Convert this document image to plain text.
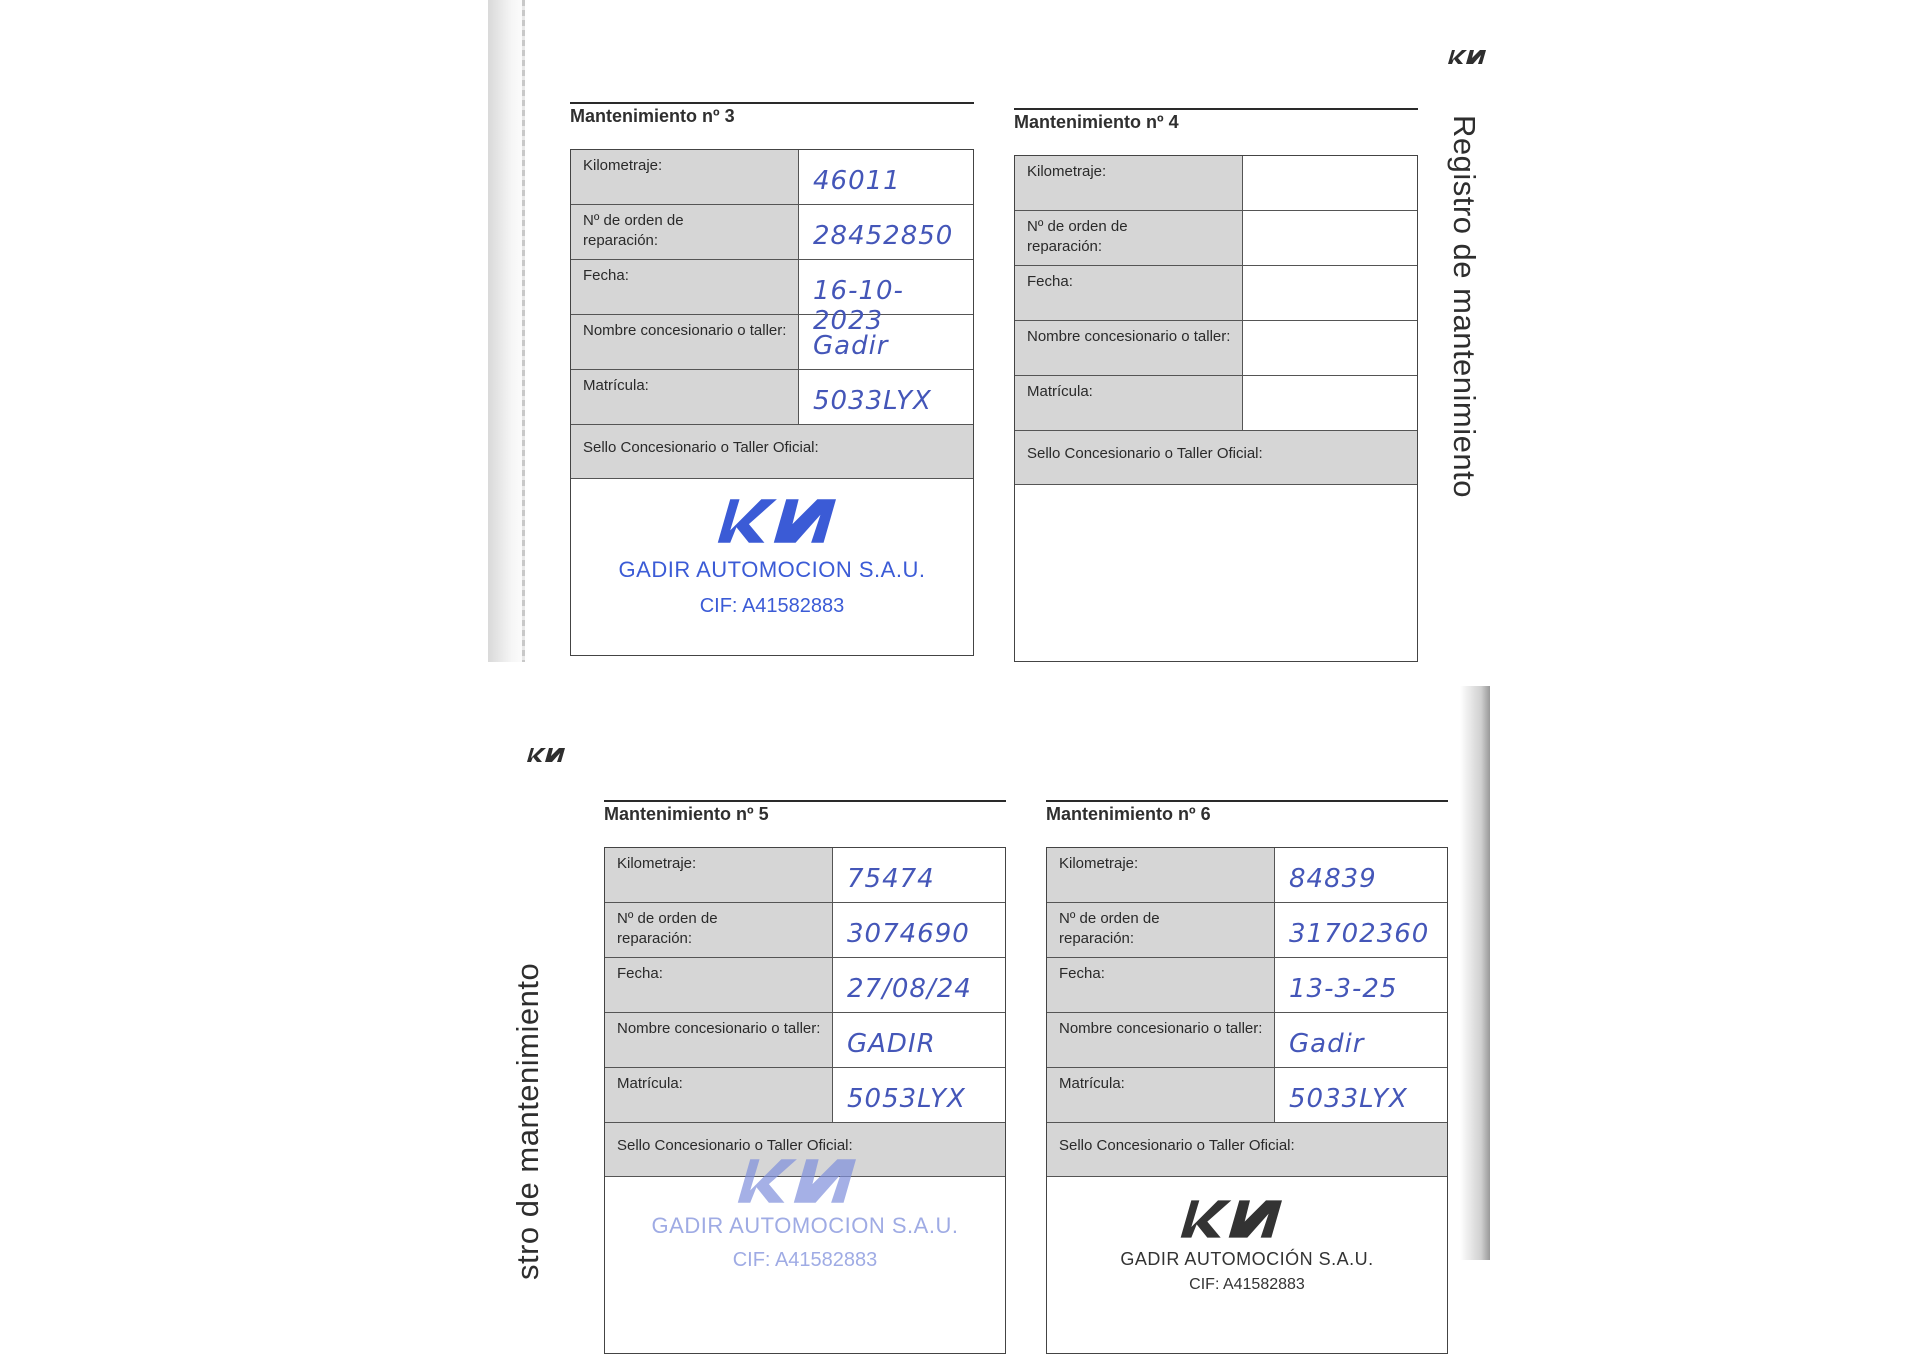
Registro de mantenimiento
Mantenimiento nº 3
Kilometraje:
46011
Nº de orden de
reparación:	28452850
Fecha:
16-10-2023
Nombre concesionario o taller:
Gadir
Matrícula:
5033LYX
Sello Concesionario o Taller Oficial:
GADIR AUTOMOCION S.A.U.
CIF: A41582883
Mantenimiento nº 4
Kilometraje:
Nº de orden de
reparación:
Fecha:
Nombre concesionario o taller:
Matrícula:
Sello Concesionario o Taller Oficial:
stro de mantenimiento
Mantenimiento nº 5
Kilometraje:
75474
Nº de orden de
reparación:	3074690
Fecha:
27/08/24
Nombre concesionario o taller:
GADIR
Matrícula:
5053LYX
Sello Concesionario o Taller Oficial:
GADIR AUTOMOCION S.A.U.
CIF: A41582883
Mantenimiento nº 6
Kilometraje:
84839
Nº de orden de
reparación:	31702360
Fecha:
13-3-25
Nombre concesionario o taller:
Gadir
Matrícula:
5033LYX
Sello Concesionario o Taller Oficial:
GADIR AUTOMOCIÓN S.A.U.
CIF: A41582883
